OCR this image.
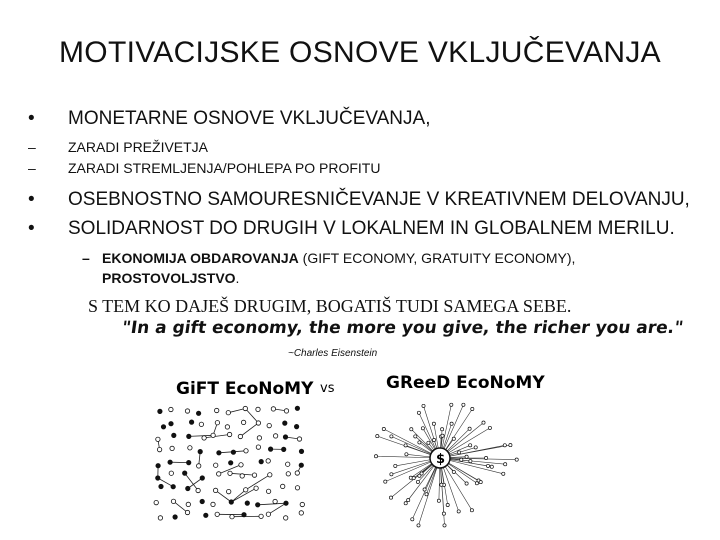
MOTIVACIJSKE OSNOVE VKLJUČEVANJA
• MONETARNE OSNOVE VKLJUČEVANJA,
– ZARADI PREŽIVETJA
– ZARADI STREMLJENJA/POHLEPA PO PROFITU
• OSEBNOSTNO SAMOURESNIČEVANJE V KREATIVNEM DELOVANJU,
• SOLIDARNOST DO DRUGIH V LOKALNEM IN GLOBALNEM MERILU.
– EKONOMIJA OBDAROVANJA (GIFT ECONOMY, GRATUITY ECONOMY),
PROSTOVOLJSTVO.
S TEM KO DAJEŠ DRUGIM, BOGATIŠ TUDI SAMEGA SEBE.
"In a gift economy, the more you give, the richer you are."
~Charles Eisenstein
GiFT EcoNoMY vs	GReeD EcoNoMY
$
